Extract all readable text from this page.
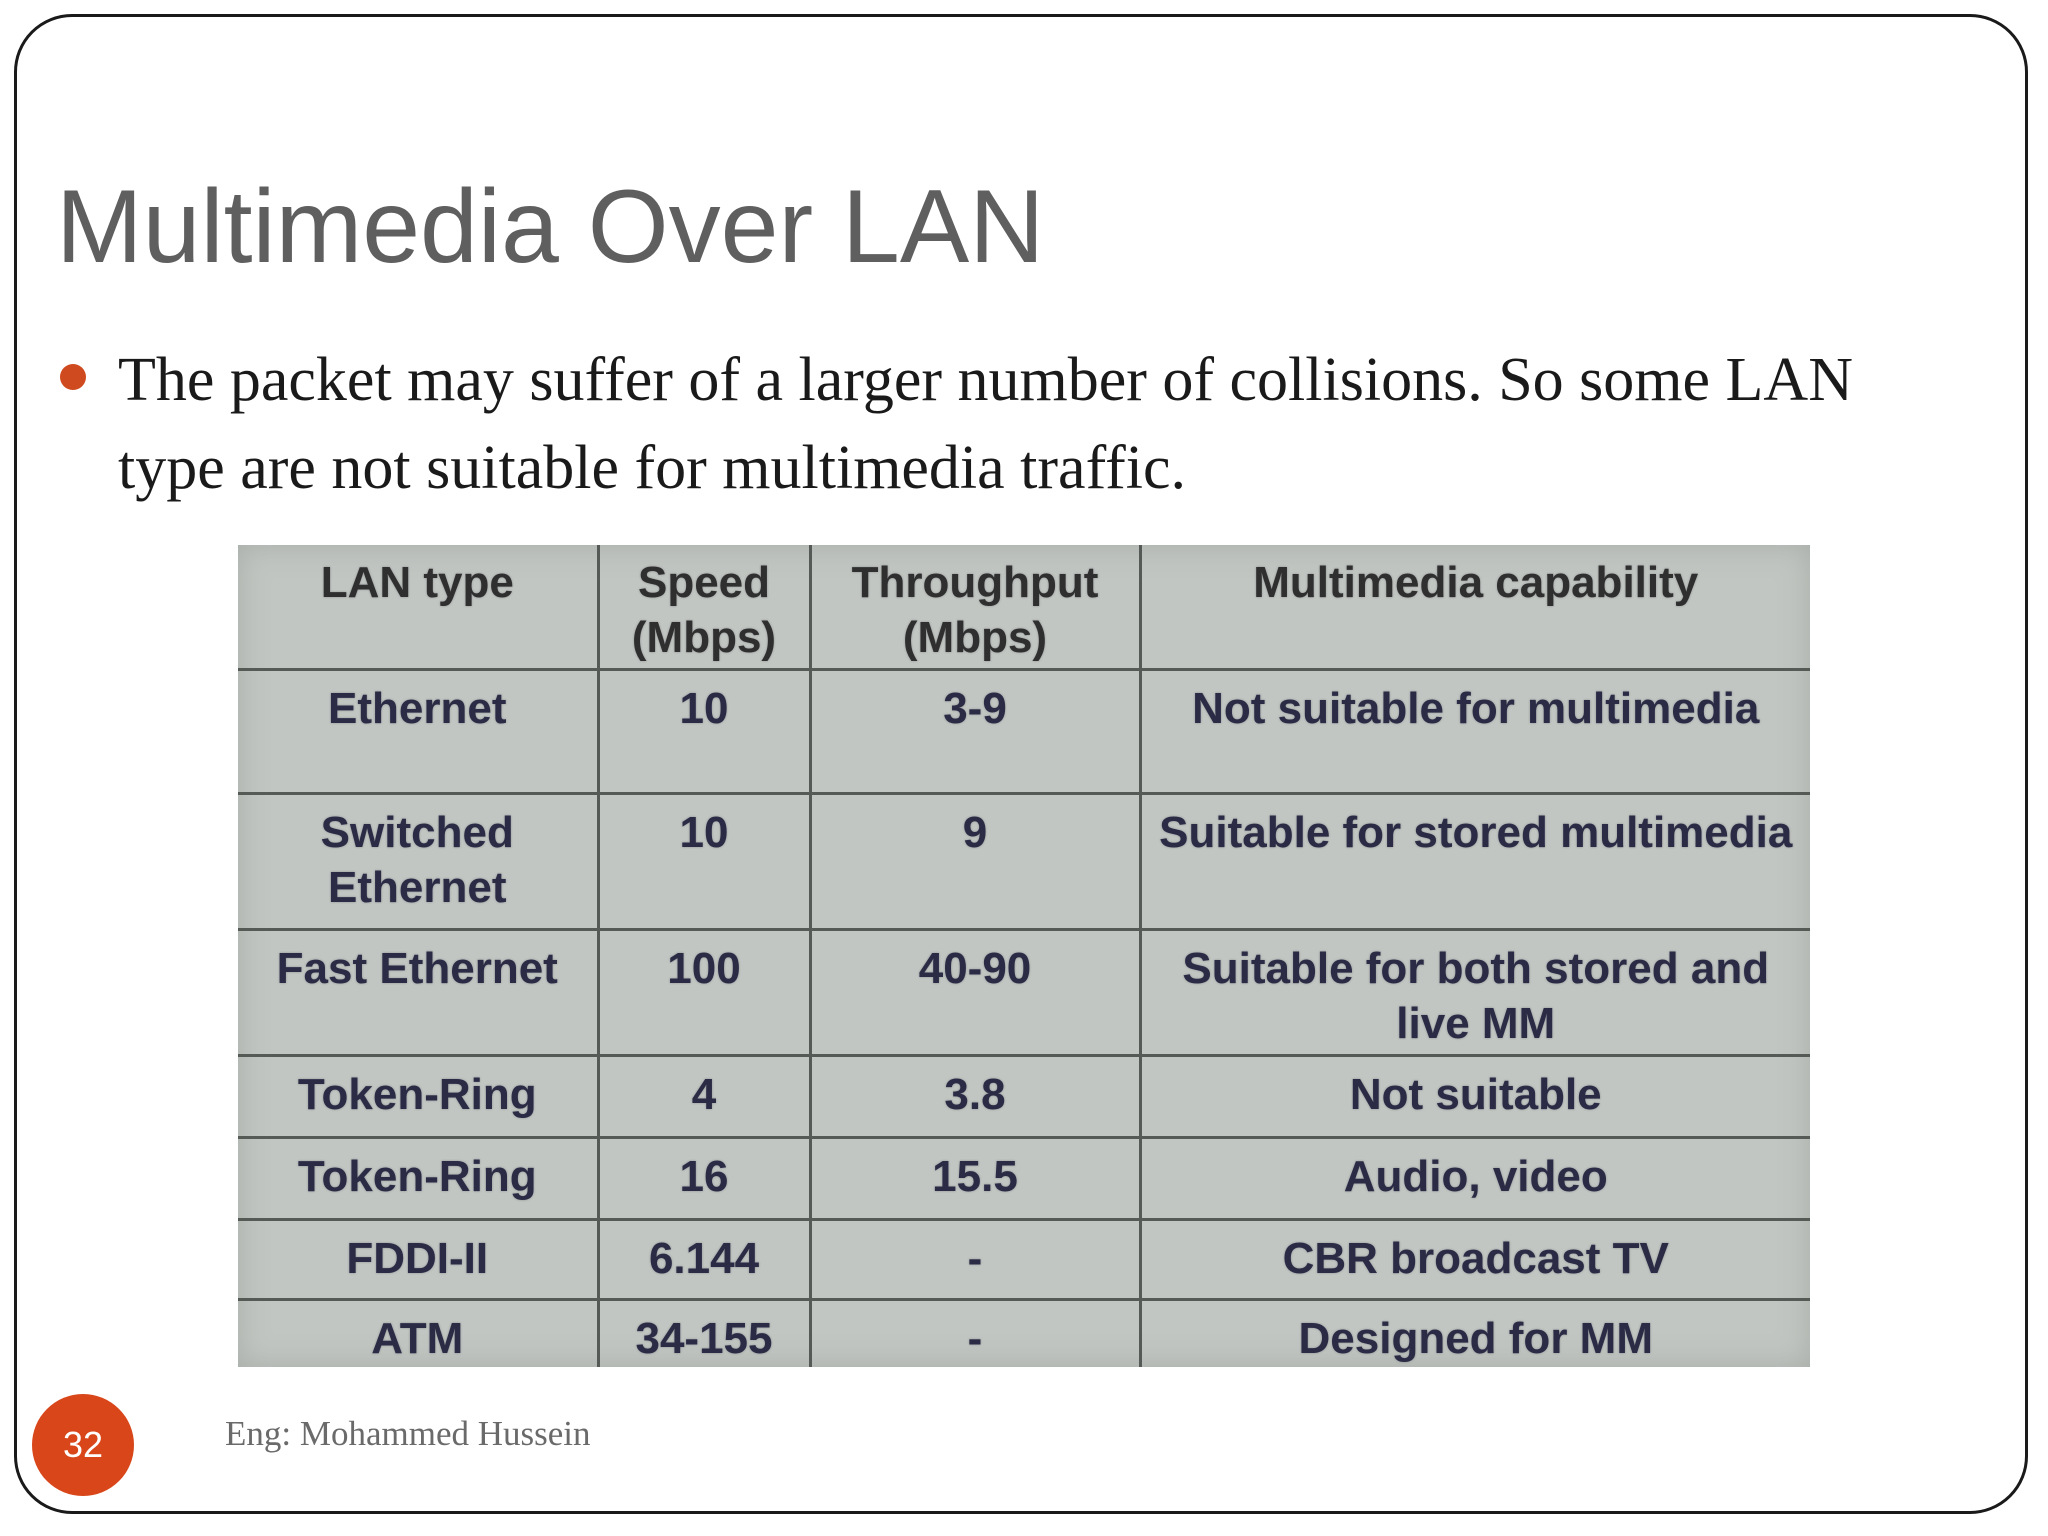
Multimedia Over LAN
The packet may suffer of a larger number of collisions. So some LAN type are not suitable for multimedia traffic.
LAN type	Speed (Mbps)	Throughput (Mbps)	Multimedia capability
Ethernet	10	3-9	Not suitable for multimedia
Switched Ethernet	10	9	Suitable for stored multimedia
Fast Ethernet	100	40-90	Suitable for both stored and live MM
Token-Ring	4	3.8	Not suitable
Token-Ring	16	15.5	Audio, video
FDDI-II	6.144	-	CBR broadcast TV
ATM	34-155	-	Designed for MM
32	Eng: Mohammed Hussein
